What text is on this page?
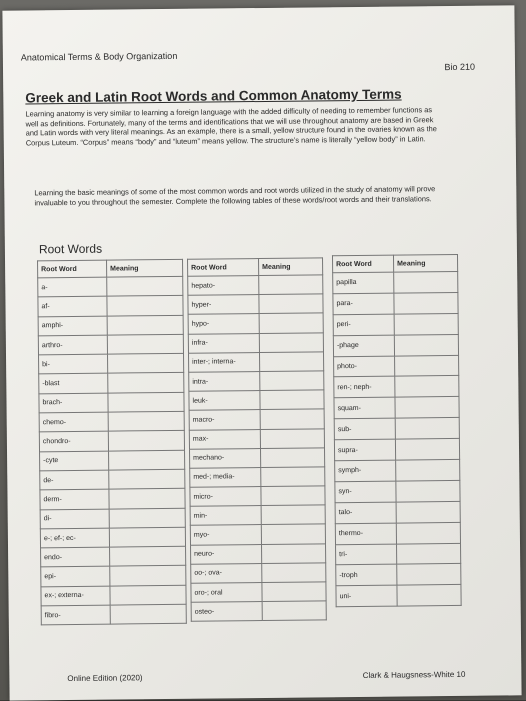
Anatomical Terms & Body Organization
Bio 210
Greek and Latin Root Words and Common Anatomy Terms
Learning anatomy is very similar to learning a foreign language with the added difficulty of needing to remember functions as well as definitions. Fortunately, many of the terms and identifications that we will use throughout anatomy are based in Greek and Latin words with very literal meanings. As an example, there is a small, yellow structure found in the ovaries known as the Corpus Luteum. “Corpus” means “body” and “luteum” means yellow. The structure’s name is literally “yellow body” in Latin.
Learning the basic meanings of some of the most common words and root words utilized in the study of anatomy will prove invaluable to you throughout the semester. Complete the following tables of these words/root words and their translations.
Root Words
Root Word	Meaning
a-	
af-	
amphi-	
arthro-	
bi-	
-blast	
brach-	
chemo-	
chondro-	
-cyte	
de-	
derm-	
di-	
e-; ef-; ec-	
endo-	
epi-	
ex-; externa-	
fibro-	
Root Word	Meaning
hepato-	
hyper-	
hypo-	
infra-	
inter-; interna-	
intra-	
leuk-	
macro-	
max-	
mechano-	
med-; media-	
micro-	
min-	
myo-	
neuro-	
oo-; ova-	
oro-; oral	
osteo-	
Root Word	Meaning
papilla	
para-	
peri-	
-phage	
photo-	
ren-; neph-	
squam-	
sub-	
supra-	
symph-	
syn-	
talo-	
thermo-	
tri-	
-troph	
uni-	
Online Edition (2020)	Clark & Haugsness-White 10
